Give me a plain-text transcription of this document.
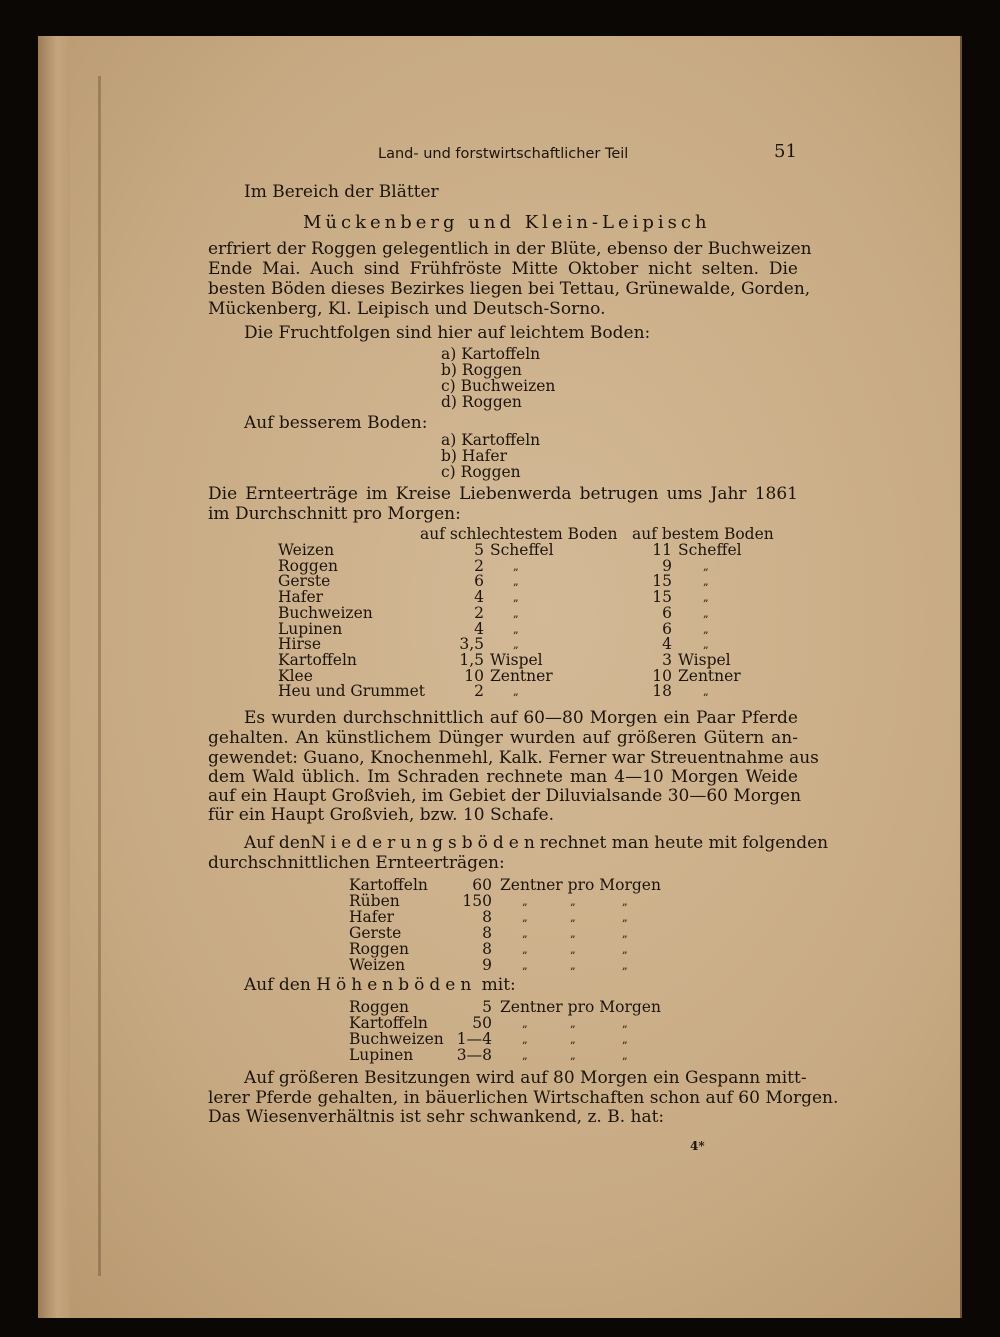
Land- und forstwirtschaftlicher Teil	51
Im Bereich der Blätter
Mückenberg und Klein-Leipisch
erfriert der Roggen gelegentlich in der Blüte, ebenso der Buchweizen
Ende Mai. Auch sind Frühfröste Mitte Oktober nicht selten. Die
besten Böden dieses Bezirkes liegen bei Tettau, Grünewalde, Gorden,
Mückenberg, Kl. Leipisch und Deutsch-Sorno.
Die Fruchtfolgen sind hier auf leichtem Boden:
a) Kartoffeln
b) Roggen
c) Buchweizen
d) Roggen
Auf besserem Boden:
a) Kartoffeln
b) Hafer
c) Roggen
Die Ernteerträge im Kreise Liebenwerda betrugen ums Jahr 1861
im Durchschnitt pro Morgen:
auf schlechtestem Boden auf bestem Boden
Weizen	5 Scheffel	11 Scheffel
Roggen	2	„	9	„
Gerste	6	„	15	„
Hafer	4	„	15	„
Buchweizen	2	„	6	„
Lupinen	4	„	6	„
Hirse	3,5	„	4	„
Kartoffeln	1,5 Wispel	3 Wispel
Klee	10 Zentner	10 Zentner
Heu und Grummet	2	„	18	„
Es wurden durchschnittlich auf 60—80 Morgen ein Paar Pferde
gehalten. An künstlichem Dünger wurden auf größeren Gütern an-
gewendet: Guano, Knochenmehl, Kalk. Ferner war Streuentnahme aus
dem Wald üblich. Im Schraden rechnete man 4—10 Morgen Weide
auf ein Haupt Großvieh, im Gebiet der Diluvialsande 30—60 Morgen
für ein Haupt Großvieh, bzw. 10 Schafe.
Auf den Niederungsböden rechnet man heute mit folgenden
durchschnittlichen Ernteerträgen:
Zentner pro Morgen
Kartoffeln	60
Rüben	150	„	„	„
Hafer	8	„	„	„
Gerste	8	„	„	„
Roggen	8	„	„	„
Weizen	9	„	„	„
Auf den Höhenböden mit:
Zentner pro Morgen
Roggen	5
Kartoffeln	50	„	„	„
Buchweizen 1—4	„	„	„
Lupinen	3—8	„	„	„
Auf größeren Besitzungen wird auf 80 Morgen ein Gespann mitt-
lerer Pferde gehalten, in bäuerlichen Wirtschaften schon auf 60 Morgen.
Das Wiesenverhältnis ist sehr schwankend, z. B. hat:
4*
